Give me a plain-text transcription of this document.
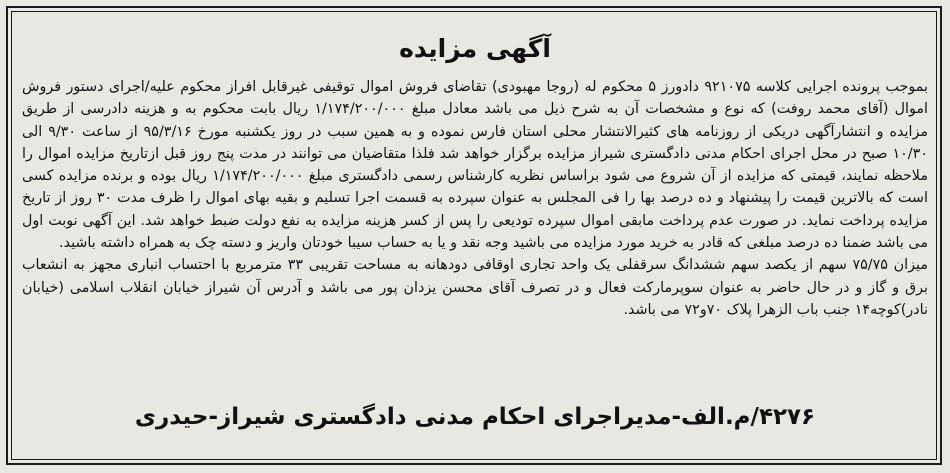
آگهی مزایده

بموجب پرونده اجرایی کلاسه ۹۲۱۰۷۵ دادورز ۵ محکوم له (روجا مهبودی) تقاضای فروش اموال توقیفی غیرقابل افراز محکوم علیه/اجرای دستور فروش اموال (آقای محمد روفت) که نوع و مشخصات آن به شرح ذیل می باشد معادل مبلغ ۱/۱۷۴/۲۰۰/۰۰۰ ریال بابت محکوم به و هزینه دادرسی از طریق مزایده و انتشارآگهی دریکی از روزنامه های کثیرالانتشار محلی استان فارس نموده و به همین سبب در روز یکشنبه مورخ ۹۵/۳/۱۶ از ساعت ۹/۳۰ الی ۱۰/۳۰ صبح در محل اجرای احکام مدنی دادگستری شیراز مزایده برگزار خواهد شد فلذا متقاضیان می توانند در مدت پنج روز قبل ازتاریخ مزایده اموال را ملاحظه نمایند، قیمتی که مزایده از آن شروع می شود براساس نظریه کارشناس رسمی دادگستری مبلغ ۱/۱۷۴/۲۰۰/۰۰۰ ریال بوده و برنده مزایده کسی است که بالاترین قیمت را پیشنهاد و ده درصد بها را فی المجلس به عنوان سپرده به قسمت اجرا تسلیم و بقیه بهای اموال را ظرف مدت ۳۰ روز از تاریخ مزایده پرداخت نماید. در صورت عدم پرداخت مابقی اموال سپرده تودیعی را پس از کسر هزینه مزایده به نفع دولت ضبط خواهد شد. این آگهی نوبت اول می باشد ضمنا ده درصد مبلغی که قادر به خرید مورد مزایده می باشید وجه نقد و یا به حساب سیبا خودتان واریز و دسته چک به همراه داشته باشید.

میزان ۷۵/۷۵ سهم از یکصد سهم ششدانگ سرقفلی یک واحد تجاری اوقافی دودهانه به مساحت تقریبی ۳۳ مترمربع با احتساب انباری مجهز به انشعاب برق و گاز و در حال حاضر به عنوان سوپرمارکت فعال و در تصرف آقای محسن یزدان پور می باشد و آدرس آن شیراز خیابان انقلاب اسلامی (خیابان نادر)کوچه۱۴ جنب باب الزهرا پلاک ۷۰و۷۲ می باشد.

۴۲۷۶/م.الف-مدیراجرای احکام مدنی دادگستری شیراز-حیدری
